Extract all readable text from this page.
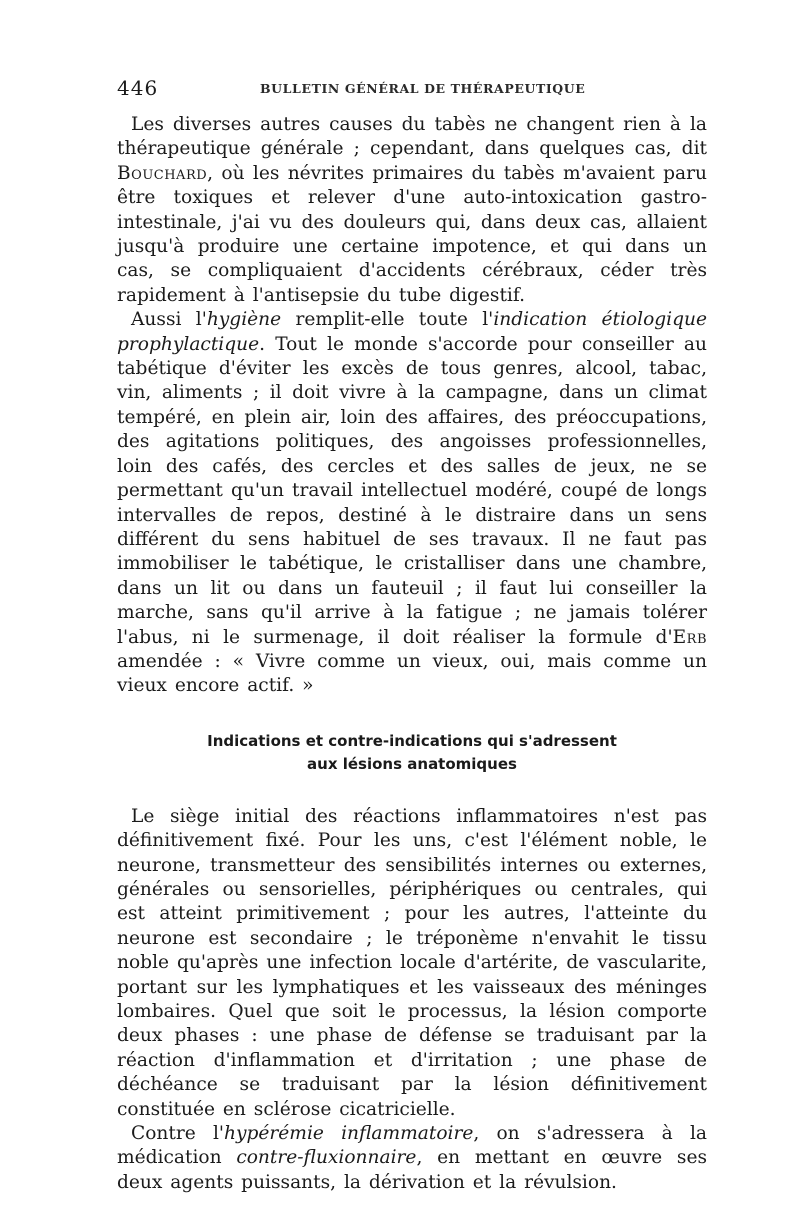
446	BULLETIN GÉNÉRAL DE THÉRAPEUTIQUE

Les diverses autres causes du tabès ne changent rien à la thérapeutique générale ; cependant, dans quelques cas, dit Bouchard, où les névrites primaires du tabès m'avaient paru être toxiques et relever d'une auto-intoxication gastro-intestinale, j'ai vu des douleurs qui, dans deux cas, allaient jusqu'à produire une certaine impotence, et qui dans un cas, se compliquaient d'accidents cérébraux, céder très rapidement à l'antisepsie du tube digestif.

Aussi l'hygiène remplit-elle toute l'indication étiologique prophylactique. Tout le monde s'accorde pour conseiller au tabétique d'éviter les excès de tous genres, alcool, tabac, vin, aliments ; il doit vivre à la campagne, dans un climat tempéré, en plein air, loin des affaires, des préoccupations, des agitations politiques, des angoisses professionnelles, loin des cafés, des cercles et des salles de jeux, ne se permettant qu'un travail intellectuel modéré, coupé de longs intervalles de repos, destiné à le distraire dans un sens différent du sens habituel de ses travaux. Il ne faut pas immobiliser le tabétique, le cristalliser dans une chambre, dans un lit ou dans un fauteuil ; il faut lui conseiller la marche, sans qu'il arrive à la fatigue ; ne jamais tolérer l'abus, ni le surmenage, il doit réaliser la formule d'Erb amendée : « Vivre comme un vieux, oui, mais comme un vieux encore actif. »

Indications et contre-indications qui s'adressent
aux lésions anatomiques

Le siège initial des réactions inflammatoires n'est pas définitivement fixé. Pour les uns, c'est l'élément noble, le neurone, transmetteur des sensibilités internes ou externes, générales ou sensorielles, périphériques ou centrales, qui est atteint primitivement ; pour les autres, l'atteinte du neurone est secondaire ; le tréponème n'envahit le tissu noble qu'après une infection locale d'artérite, de vascularite, portant sur les lymphatiques et les vaisseaux des méninges lombaires. Quel que soit le processus, la lésion comporte deux phases : une phase de défense se traduisant par la réaction d'inflammation et d'irritation ; une phase de déchéance se traduisant par la lésion définitivement constituée en sclérose cicatricielle.

Contre l'hypérémie inflammatoire, on s'adressera à la médication contre-fluxionnaire, en mettant en œuvre ses deux agents puissants, la dérivation et la révulsion.
